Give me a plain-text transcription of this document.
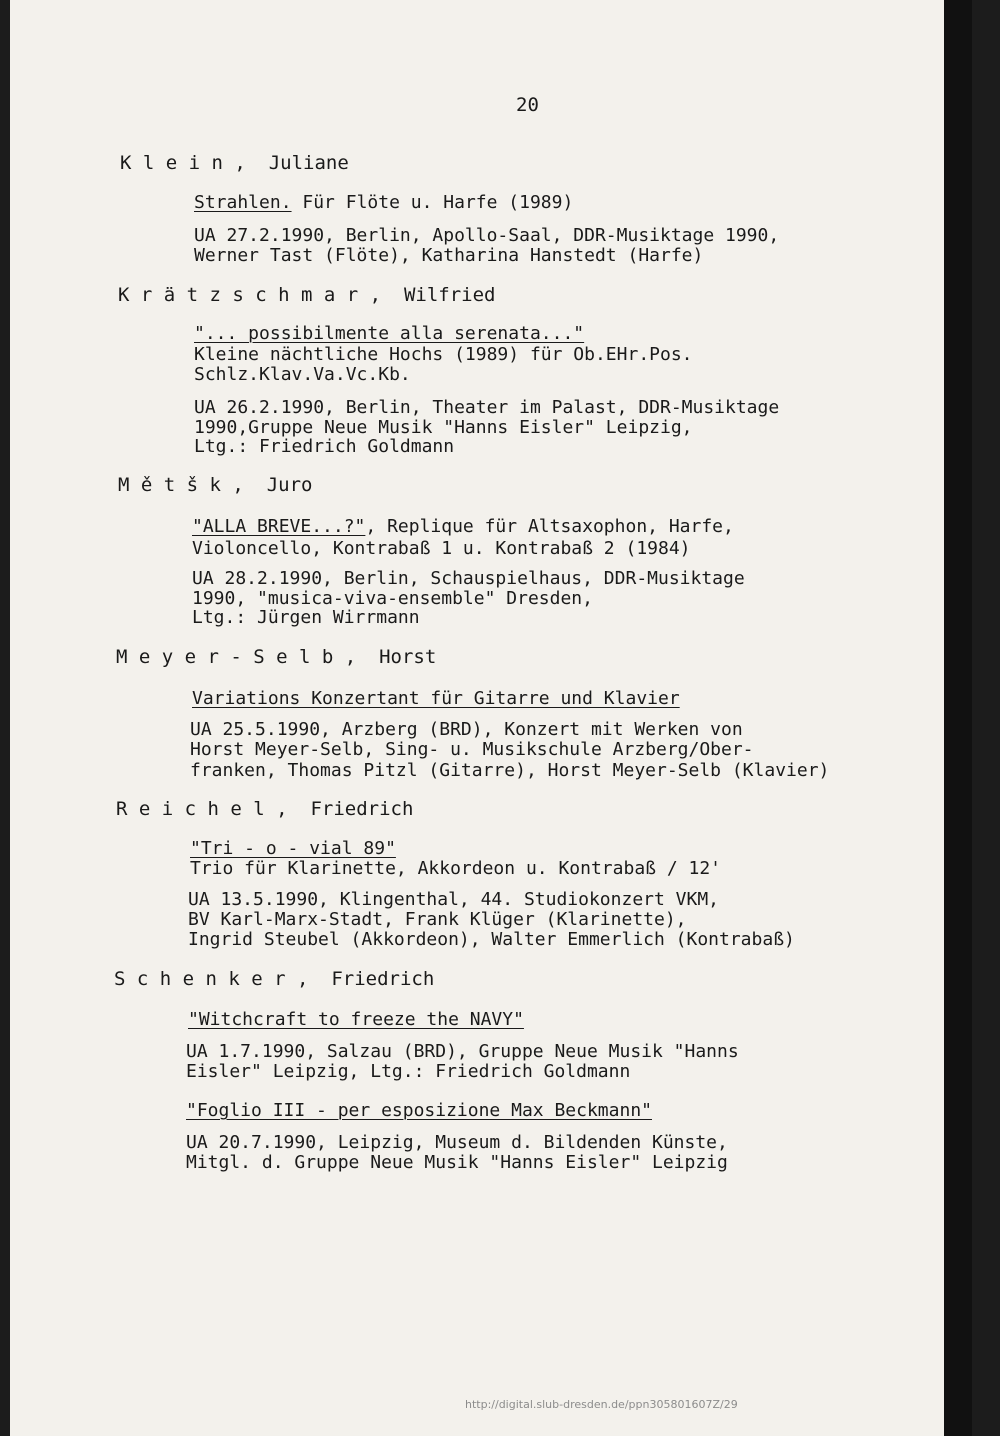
20
K l e i n ,  Juliane
Strahlen. Für Flöte u. Harfe (1989)
UA 27.2.1990, Berlin, Apollo-Saal, DDR-Musiktage 1990,
Werner Tast (Flöte), Katharina Hanstedt (Harfe)
K r ä t z s c h m a r ,  Wilfried
"... possibilmente alla serenata..."
Kleine nächtliche Hochs (1989) für Ob.EHr.Pos.
Schlz.Klav.Va.Vc.Kb.
UA 26.2.1990, Berlin, Theater im Palast, DDR-Musiktage
1990,Gruppe Neue Musik "Hanns Eisler" Leipzig,
Ltg.: Friedrich Goldmann
M ě t š k ,  Juro
"ALLA BREVE...?", Replique für Altsaxophon, Harfe,
Violoncello, Kontrabaß 1 u. Kontrabaß 2 (1984)
UA 28.2.1990, Berlin, Schauspielhaus, DDR-Musiktage
1990, "musica-viva-ensemble" Dresden,
Ltg.: Jürgen Wirrmann
M e y e r - S e l b ,  Horst
Variations Konzertant für Gitarre und Klavier
UA 25.5.1990, Arzberg (BRD), Konzert mit Werken von
Horst Meyer-Selb, Sing- u. Musikschule Arzberg/Ober-
franken, Thomas Pitzl (Gitarre), Horst Meyer-Selb (Klavier)
R e i c h e l ,  Friedrich
"Tri - o - vial 89"
Trio für Klarinette, Akkordeon u. Kontrabaß / 12'
UA 13.5.1990, Klingenthal, 44. Studiokonzert VKM,
BV Karl-Marx-Stadt, Frank Klüger (Klarinette),
Ingrid Steubel (Akkordeon), Walter Emmerlich (Kontrabaß)
S c h e n k e r ,  Friedrich
"Witchcraft to freeze the NAVY"
UA 1.7.1990, Salzau (BRD), Gruppe Neue Musik "Hanns
Eisler" Leipzig, Ltg.: Friedrich Goldmann
"Foglio III - per esposizione Max Beckmann"
UA 20.7.1990, Leipzig, Museum d. Bildenden Künste,
Mitgl. d. Gruppe Neue Musik "Hanns Eisler" Leipzig
http://digital.slub-dresden.de/ppn305801607Z/29
